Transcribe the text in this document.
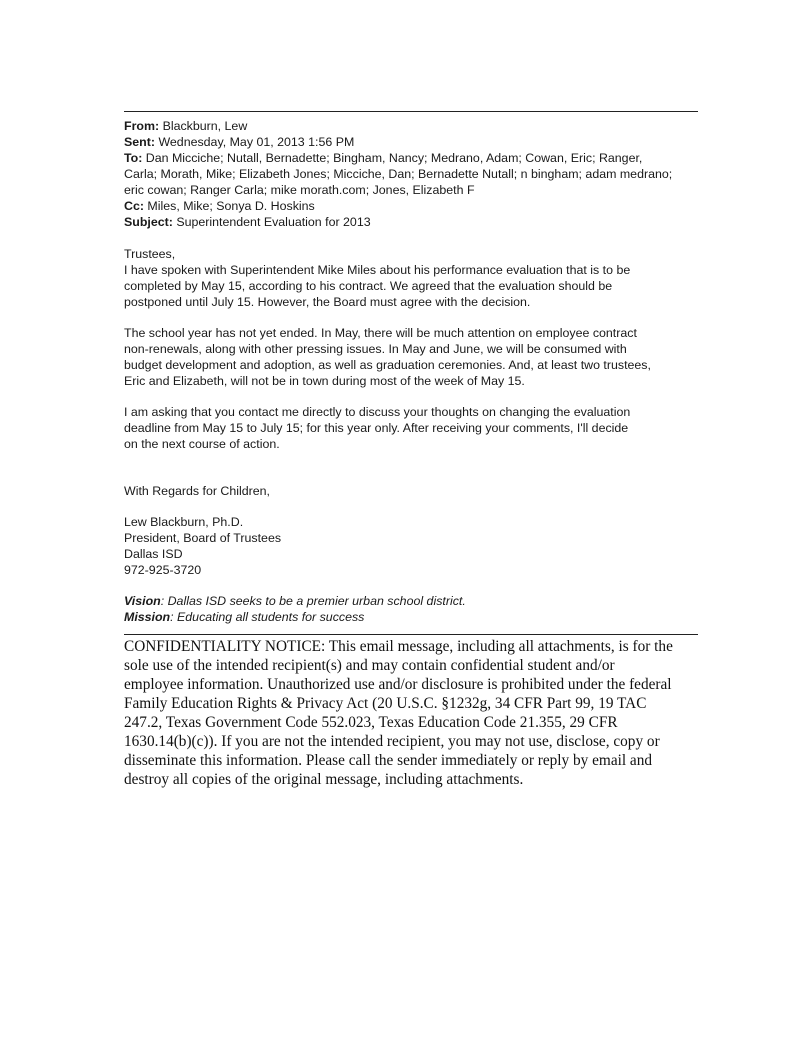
From: Blackburn, Lew
Sent: Wednesday, May 01, 2013 1:56 PM
To: Dan Micciche; Nutall, Bernadette; Bingham, Nancy; Medrano, Adam; Cowan, Eric; Ranger,
Carla; Morath, Mike; Elizabeth Jones; Micciche, Dan; Bernadette Nutall; n bingham; adam medrano;
eric cowan; Ranger Carla; mike morath.com; Jones, Elizabeth F
Cc: Miles, Mike; Sonya D. Hoskins
Subject: Superintendent Evaluation for 2013
Trustees,
I have spoken with Superintendent Mike Miles about his performance evaluation that is to be
completed by May 15, according to his contract. We agreed that the evaluation should be
postponed until July 15. However, the Board must agree with the decision.
The school year has not yet ended. In May, there will be much attention on employee contract
non-renewals, along with other pressing issues. In May and June, we will be consumed with
budget development and adoption, as well as graduation ceremonies. And, at least two trustees,
Eric and Elizabeth, will not be in town during most of the week of May 15.
I am asking that you contact me directly to discuss your thoughts on changing the evaluation
deadline from May 15 to July 15; for this year only. After receiving your comments, I'll decide
on the next course of action.
With Regards for Children,
Lew Blackburn, Ph.D.
President, Board of Trustees
Dallas ISD
972-925-3720
Vision: Dallas ISD seeks to be a premier urban school district.
Mission: Educating all students for success
CONFIDENTIALITY NOTICE: This email message, including all attachments, is for the
sole use of the intended recipient(s) and may contain confidential student and/or
employee information. Unauthorized use and/or disclosure is prohibited under the federal
Family Education Rights & Privacy Act (20 U.S.C. §1232g, 34 CFR Part 99, 19 TAC
247.2, Texas Government Code 552.023, Texas Education Code 21.355, 29 CFR
1630.14(b)(c)). If you are not the intended recipient, you may not use, disclose, copy or
disseminate this information. Please call the sender immediately or reply by email and
destroy all copies of the original message, including attachments.
